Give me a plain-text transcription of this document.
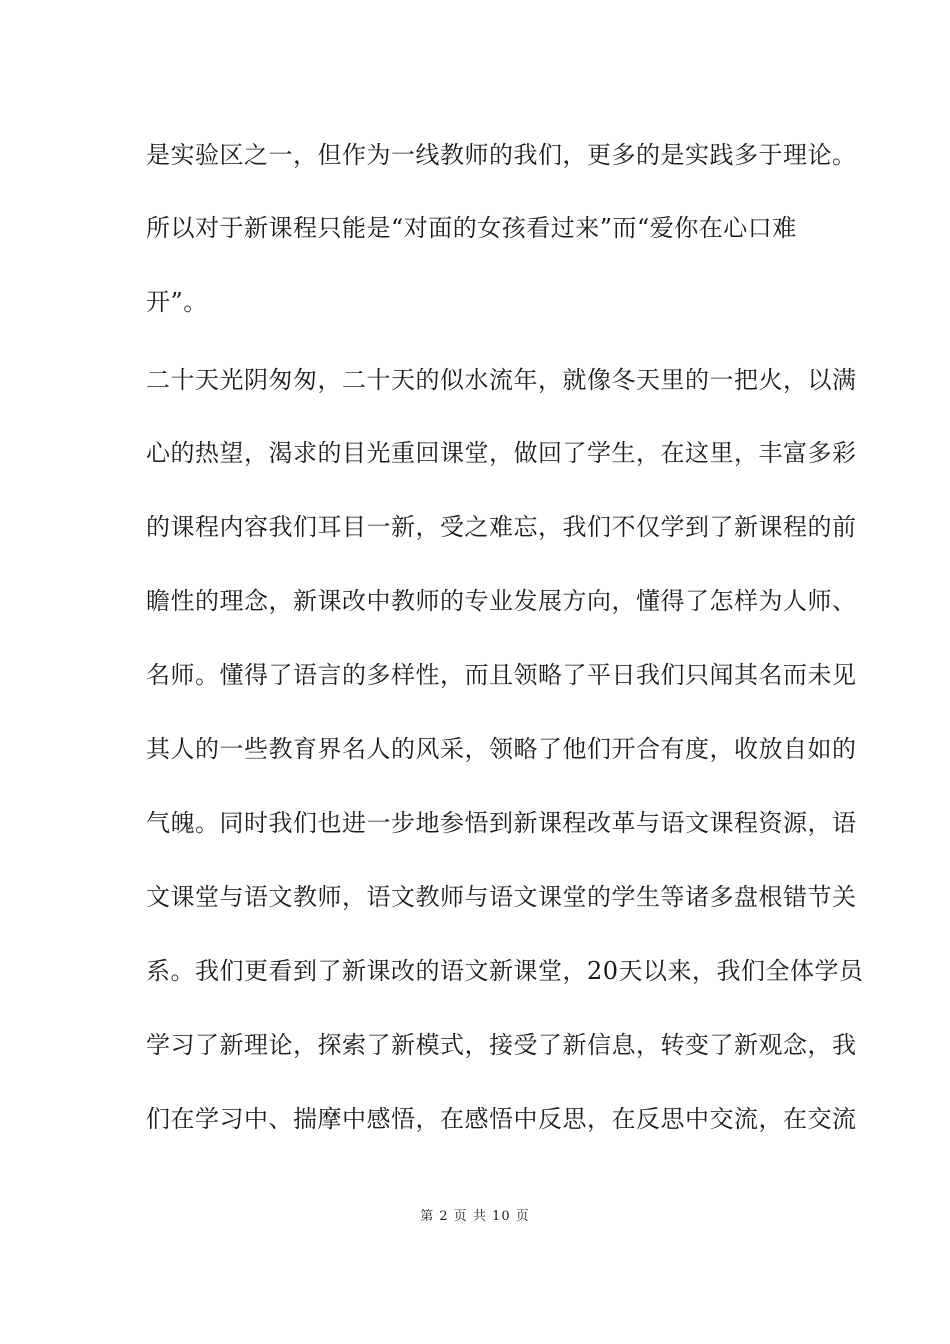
是实验区之一，但作为一线教师的我们，更多的是实践多于理论。
所以对于新课程只能是“对面的女孩看过来”而“爱你在心口难
开”。
二十天光阴匆匆，二十天的似水流年，就像冬天里的一把火，以满
心的热望，渴求的目光重回课堂，做回了学生，在这里，丰富多彩
的课程内容我们耳目一新，受之难忘，我们不仅学到了新课程的前
瞻性的理念，新课改中教师的专业发展方向，懂得了怎样为人师、
名师。懂得了语言的多样性，而且领略了平日我们只闻其名而未见
其人的一些教育界名人的风采，领略了他们开合有度，收放自如的
气魄。同时我们也进一步地参悟到新课程改革与语文课程资源，语
文课堂与语文教师，语文教师与语文课堂的学生等诸多盘根错节关
系。我们更看到了新课改的语文新课堂，20天以来，我们全体学员
学习了新理论，探索了新模式，接受了新信息，转变了新观念，我
们在学习中、揣摩中感悟，在感悟中反思，在反思中交流，在交流
第 2 页 共 10 页
